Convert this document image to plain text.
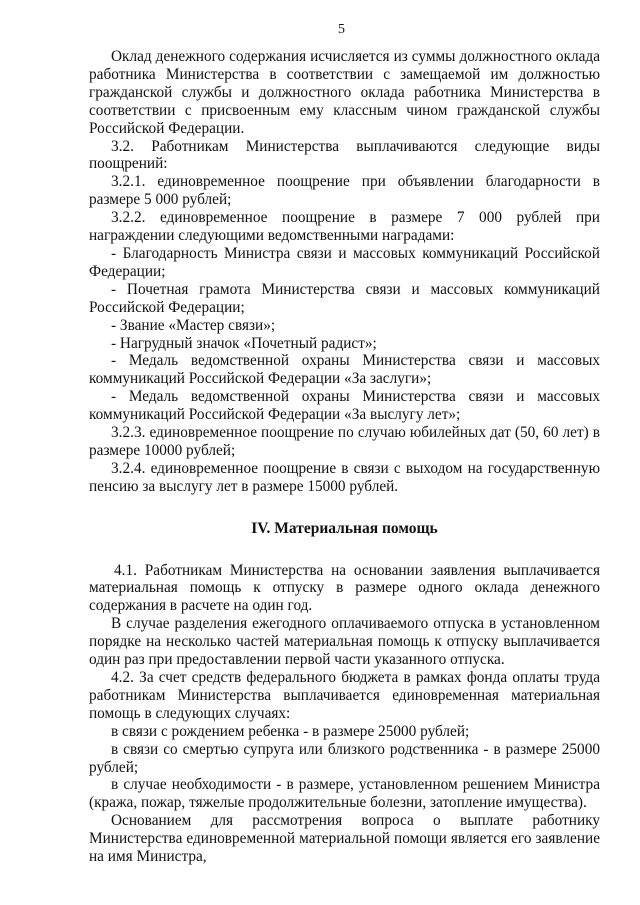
5

Оклад денежного содержания исчисляется из суммы должностного оклада работника Министерства в соответствии с замещаемой им должностью гражданской службы и должностного оклада работника Министерства в соответствии с присвоенным ему классным чином гражданской службы Российской Федерации.

3.2. Работникам Министерства выплачиваются следующие виды поощрений:

3.2.1. единовременное поощрение при объявлении благодарности в размере 5 000 рублей;

3.2.2. единовременное поощрение в размере 7 000 рублей при награждении следующими ведомственными наградами:

- Благодарность Министра связи и массовых коммуникаций Российской Федерации;

- Почетная грамота Министерства связи и массовых коммуникаций Российской Федерации;

- Звание «Мастер связи»;

- Нагрудный значок «Почетный радист»;

- Медаль ведомственной охраны Министерства связи и массовых коммуникаций Российской Федерации «За заслуги»;

- Медаль ведомственной охраны Министерства связи и массовых коммуникаций Российской Федерации «За выслугу лет»;

3.2.3. единовременное поощрение по случаю юбилейных дат (50, 60 лет) в размере 10000 рублей;

3.2.4. единовременное поощрение в связи с выходом на государственную пенсию за выслугу лет в размере 15000 рублей.

IV. Материальная помощь

4.1. Работникам Министерства на основании заявления выплачивается материальная помощь к отпуску в размере одного оклада денежного содержания в расчете на один год.

В случае разделения ежегодного оплачиваемого отпуска в установленном порядке на несколько частей материальная помощь к отпуску выплачивается один раз при предоставлении первой части указанного отпуска.

4.2. За счет средств федерального бюджета в рамках фонда оплаты труда работникам Министерства выплачивается единовременная материальная помощь в следующих случаях:

в связи с рождением ребенка - в размере 25000 рублей;

в связи со смертью супруга или близкого родственника - в размере 25000 рублей;

в случае необходимости - в размере, установленном решением Министра (кража, пожар, тяжелые продолжительные болезни, затопление имущества).

Основанием для рассмотрения вопроса о выплате работнику Министерства единовременной материальной помощи является его заявление на имя Министра,
